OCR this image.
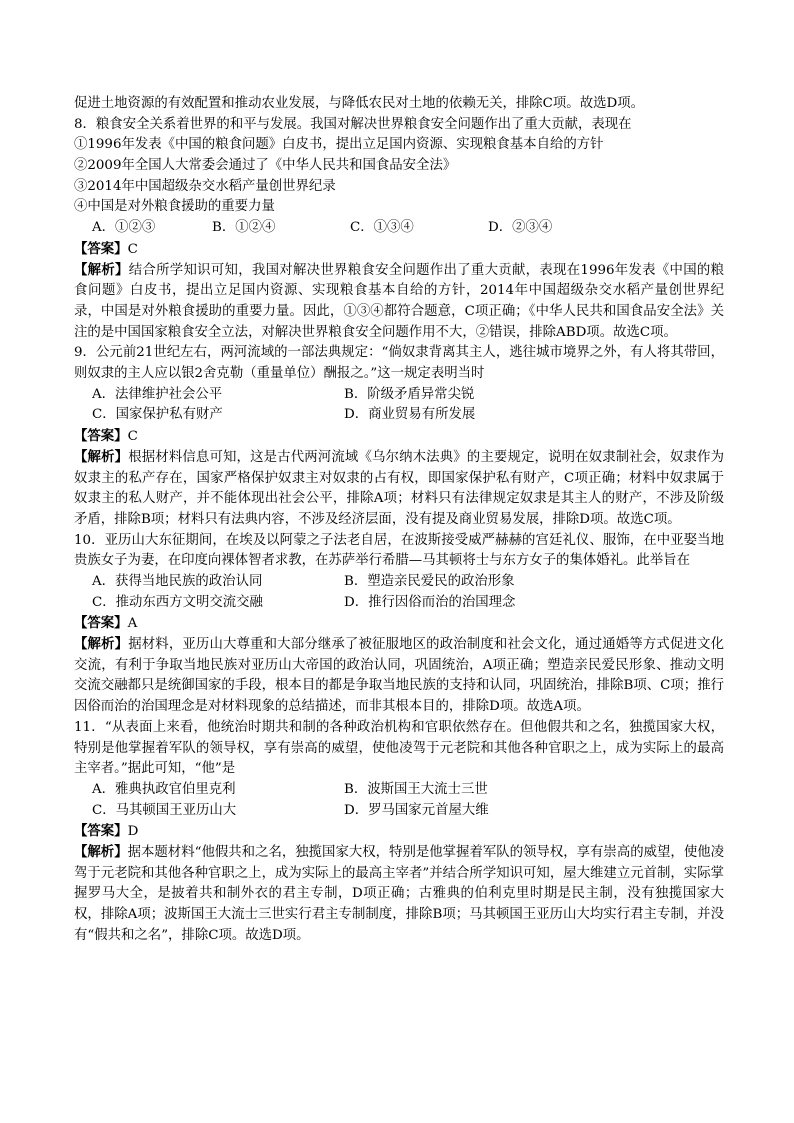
促进土地资源的有效配置和推动农业发展，与降低农民对土地的依赖无关，排除C项。故选D项。
8．粮食安全关系着世界的和平与发展。我国对解决世界粮食安全问题作出了重大贡献，表现在
①1996年发表《中国的粮食问题》白皮书，提出立足国内资源、实现粮食基本自给的方针
②2009年全国人大常委会通过了《中华人民共和国食品安全法》
③2014年中国超级杂交水稻产量创世界纪录
④中国是对外粮食援助的重要力量
A．①②③	B．①②④	C．①③④	D．②③④
【答案】C
【解析】结合所学知识可知，我国对解决世界粮食安全问题作出了重大贡献，表现在1996年发表《中国的粮食问题》白皮书，提出立足国内资源、实现粮食基本自给的方针，2014年中国超级杂交水稻产量创世界纪录，中国是对外粮食援助的重要力量。因此，①③④都符合题意，C项正确；《中华人民共和国食品安全法》关注的是中国国家粮食安全立法，对解决世界粮食安全问题作用不大，②错误，排除ABD项。故选C项。
9．公元前21世纪左右，两河流域的一部法典规定：“倘奴隶背离其主人，逃往城市境界之外，有人将其带回，则奴隶的主人应以银2舍克勒（重量单位）酬报之。”这一规定表明当时
A．法律维护社会公平	B．阶级矛盾异常尖锐
C．国家保护私有财产	D．商业贸易有所发展
【答案】C
【解析】根据材料信息可知，这是古代两河流域《乌尔纳木法典》的主要规定，说明在奴隶制社会，奴隶作为奴隶主的私产存在，国家严格保护奴隶主对奴隶的占有权，即国家保护私有财产，C项正确；材料中奴隶属于奴隶主的私人财产，并不能体现出社会公平，排除A项；材料只有法律规定奴隶是其主人的财产，不涉及阶级矛盾，排除B项；材料只有法典内容，不涉及经济层面，没有提及商业贸易发展，排除D项。故选C项。
10．亚历山大东征期间，在埃及以阿蒙之子法老自居，在波斯接受威严赫赫的宫廷礼仪、服饰，在中亚娶当地贵族女子为妻，在印度向裸体智者求教，在苏萨举行希腊—马其顿将士与东方女子的集体婚礼。此举旨在
A．获得当地民族的政治认同	B．塑造亲民爱民的政治形象
C．推动东西方文明交流交融	D．推行因俗而治的治国理念
【答案】A
【解析】据材料，亚历山大尊重和大部分继承了被征服地区的政治制度和社会文化，通过通婚等方式促进文化交流，有利于争取当地民族对亚历山大帝国的政治认同，巩固统治，A项正确；塑造亲民爱民形象、推动文明交流交融都只是统御国家的手段，根本目的都是争取当地民族的支持和认同，巩固统治，排除B项、C项；推行因俗而治的治国理念是对材料现象的总结描述，而非其根本目的，排除D项。故选A项。
11．“从表面上来看，他统治时期共和制的各种政治机构和官职依然存在。但他假共和之名，独揽国家大权，特别是他掌握着军队的领导权，享有崇高的威望，使他凌驾于元老院和其他各种官职之上，成为实际上的最高主宰者。”据此可知，“他”是
A．雅典执政官伯里克利	B．波斯国王大流士三世
C．马其顿国王亚历山大	D．罗马国家元首屋大维
【答案】D
【解析】据本题材料“他假共和之名，独揽国家大权，特别是他掌握着军队的领导权，享有崇高的威望，使他凌驾于元老院和其他各种官职之上，成为实际上的最高主宰者”并结合所学知识可知，屋大维建立元首制，实际掌握罗马大全，是披着共和制外衣的君主专制，D项正确；古雅典的伯利克里时期是民主制，没有独揽国家大权，排除A项；波斯国王大流士三世实行君主专制制度，排除B项；马其顿国王亚历山大均实行君主专制，并没有“假共和之名”，排除C项。故选D项。
